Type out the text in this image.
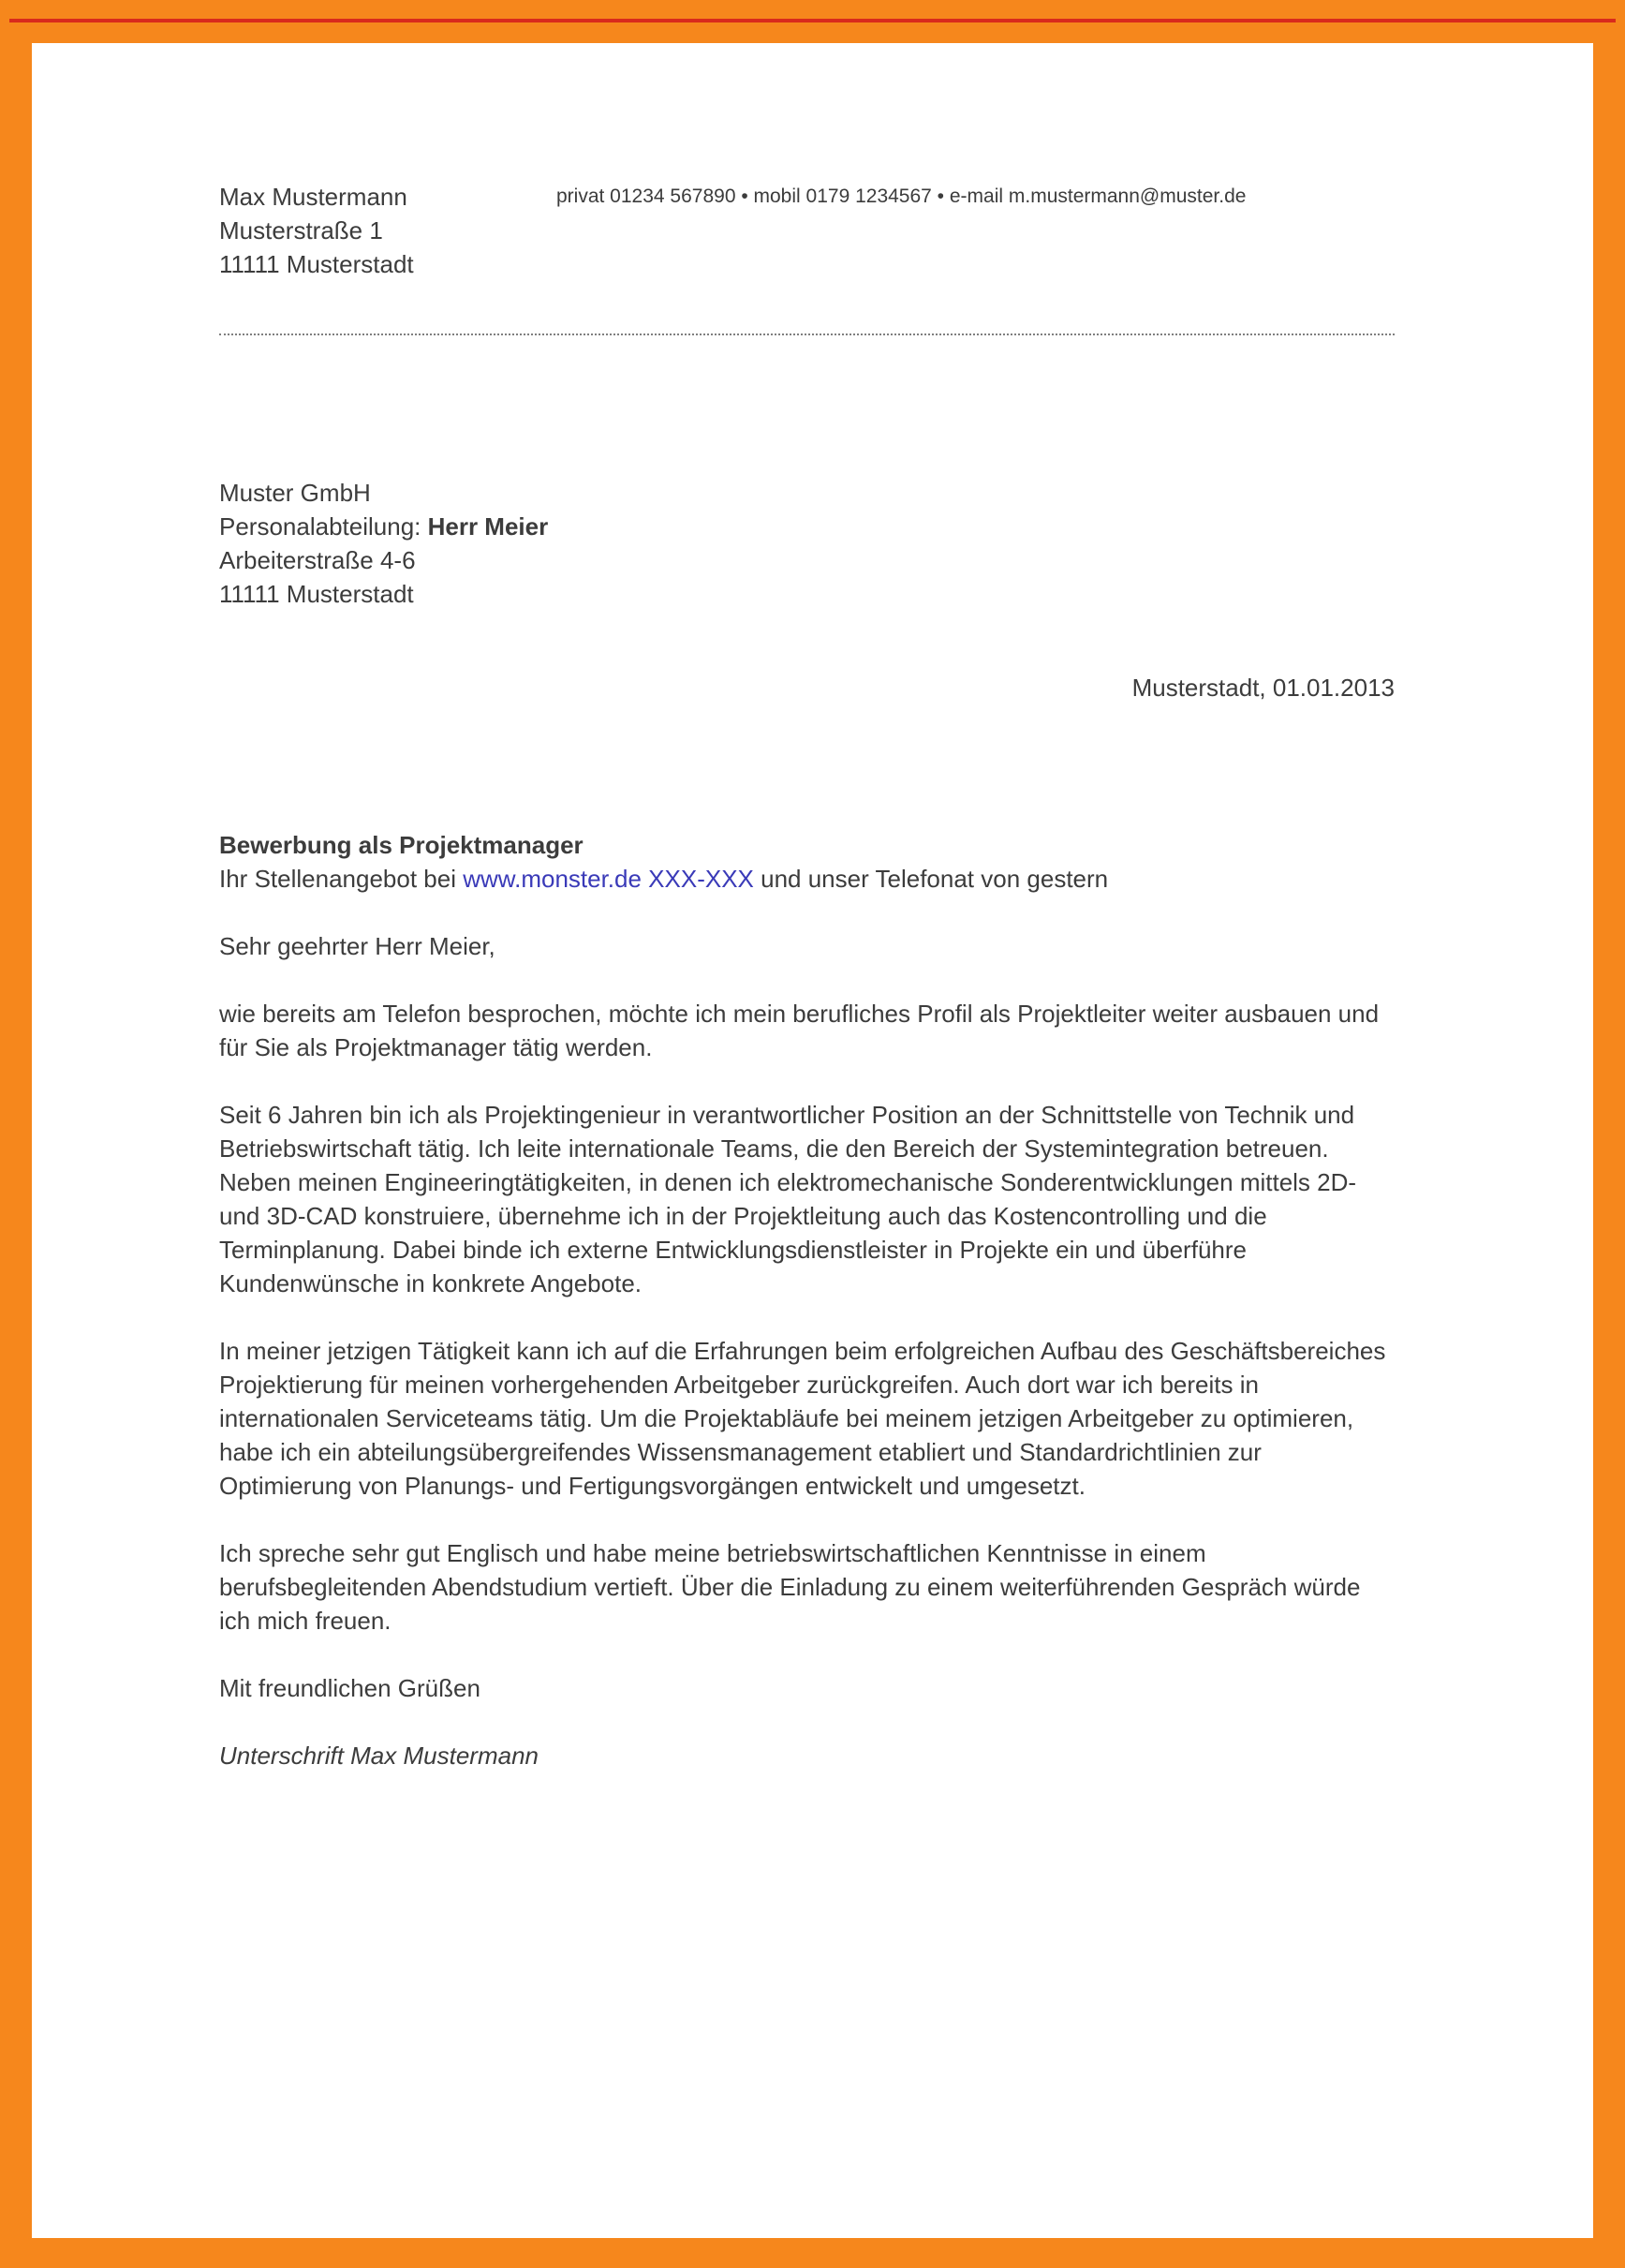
Max Mustermann
Musterstraße 1
11111 Musterstadt
privat 01234 567890 • mobil 0179 1234567 • e-mail m.mustermann@muster.de
Muster GmbH
Personalabteilung: Herr Meier
Arbeiterstraße 4-6
11111 Musterstadt
Musterstadt, 01.01.2013
Bewerbung als Projektmanager
Ihr Stellenangebot bei www.monster.de XXX-XXX und unser Telefonat von gestern

Sehr geehrter Herr Meier,

wie bereits am Telefon besprochen, möchte ich mein berufliches Profil als Projektleiter weiter ausbauen und für Sie als Projektmanager tätig werden.

Seit 6 Jahren bin ich als Projektingenieur in verantwortlicher Position an der Schnittstelle von Technik und Betriebswirtschaft tätig. Ich leite internationale Teams, die den Bereich der Systemintegration betreuen. Neben meinen Engineeringtätigkeiten, in denen ich elektromechanische Sonderentwicklungen mittels 2D- und 3D-CAD konstruiere, übernehme ich in der Projektleitung auch das Kostencontrolling und die Terminplanung. Dabei binde ich externe Entwicklungsdienstleister in Projekte ein und überführe Kundenwünsche in konkrete Angebote.

In meiner jetzigen Tätigkeit kann ich auf die Erfahrungen beim erfolgreichen Aufbau des Geschäftsbereiches Projektierung für meinen vorhergehenden Arbeitgeber zurückgreifen. Auch dort war ich bereits in internationalen Serviceteams tätig. Um die Projektabläufe bei meinem jetzigen Arbeitgeber zu optimieren, habe ich ein abteilungsübergreifendes Wissensmanagement etabliert und Standardrichtlinien zur Optimierung von Planungs- und Fertigungsvorgängen entwickelt und umgesetzt.

Ich spreche sehr gut Englisch und habe meine betriebswirtschaftlichen Kenntnisse in einem berufsbegleitenden Abendstudium vertieft. Über die Einladung zu einem weiterführenden Gespräch würde ich mich freuen.

Mit freundlichen Grüßen

Unterschrift Max Mustermann
